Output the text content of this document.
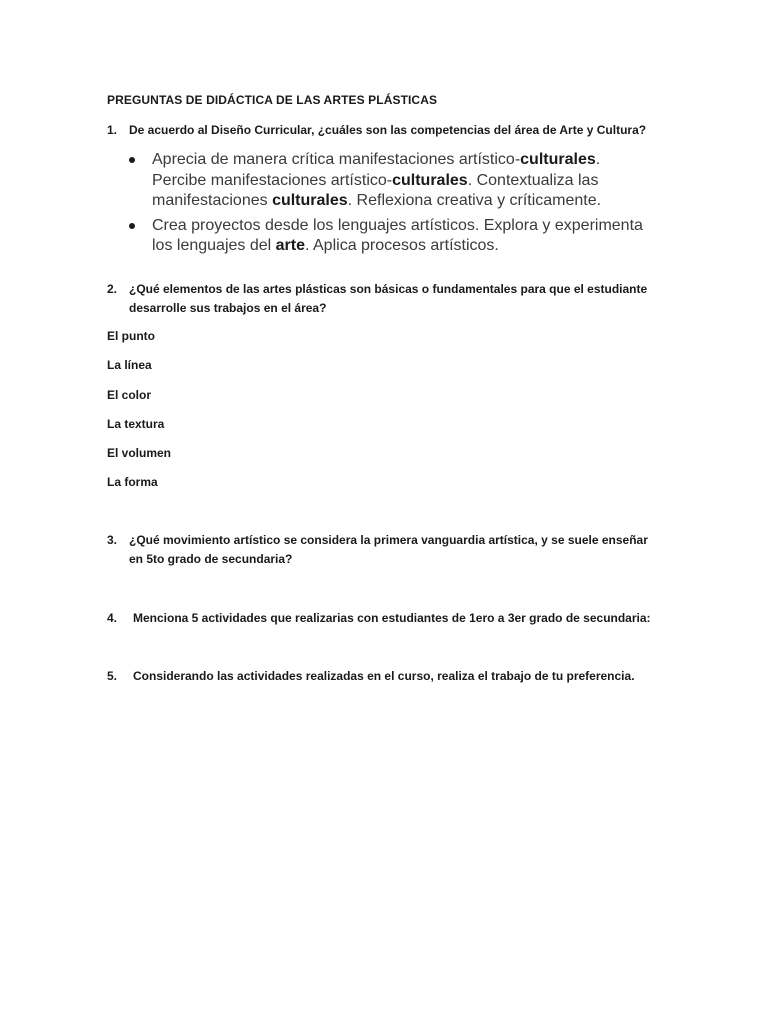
PREGUNTAS DE DIDÁCTICA DE LAS ARTES PLÁSTICAS
1. De acuerdo al Diseño Curricular, ¿cuáles son las competencias del área de Arte y Cultura?
Aprecia de manera crítica manifestaciones artístico-culturales. Percibe manifestaciones artístico-culturales. Contextualiza las manifestaciones culturales. Reflexiona creativa y críticamente.
Crea proyectos desde los lenguajes artísticos. Explora y experimenta los lenguajes del arte. Aplica procesos artísticos.
2. ¿Qué elementos de las artes plásticas son básicas o fundamentales para que el estudiante desarrolle sus trabajos en el área?
El punto
La línea
El color
La textura
El volumen
La forma
3. ¿Qué movimiento artístico se considera la primera vanguardia artística, y se suele enseñar en 5to grado de secundaria?
4. Menciona 5 actividades que realizarias con estudiantes de 1ero a 3er grado de secundaria:
5. Considerando las actividades realizadas en el curso, realiza el trabajo de tu preferencia.
